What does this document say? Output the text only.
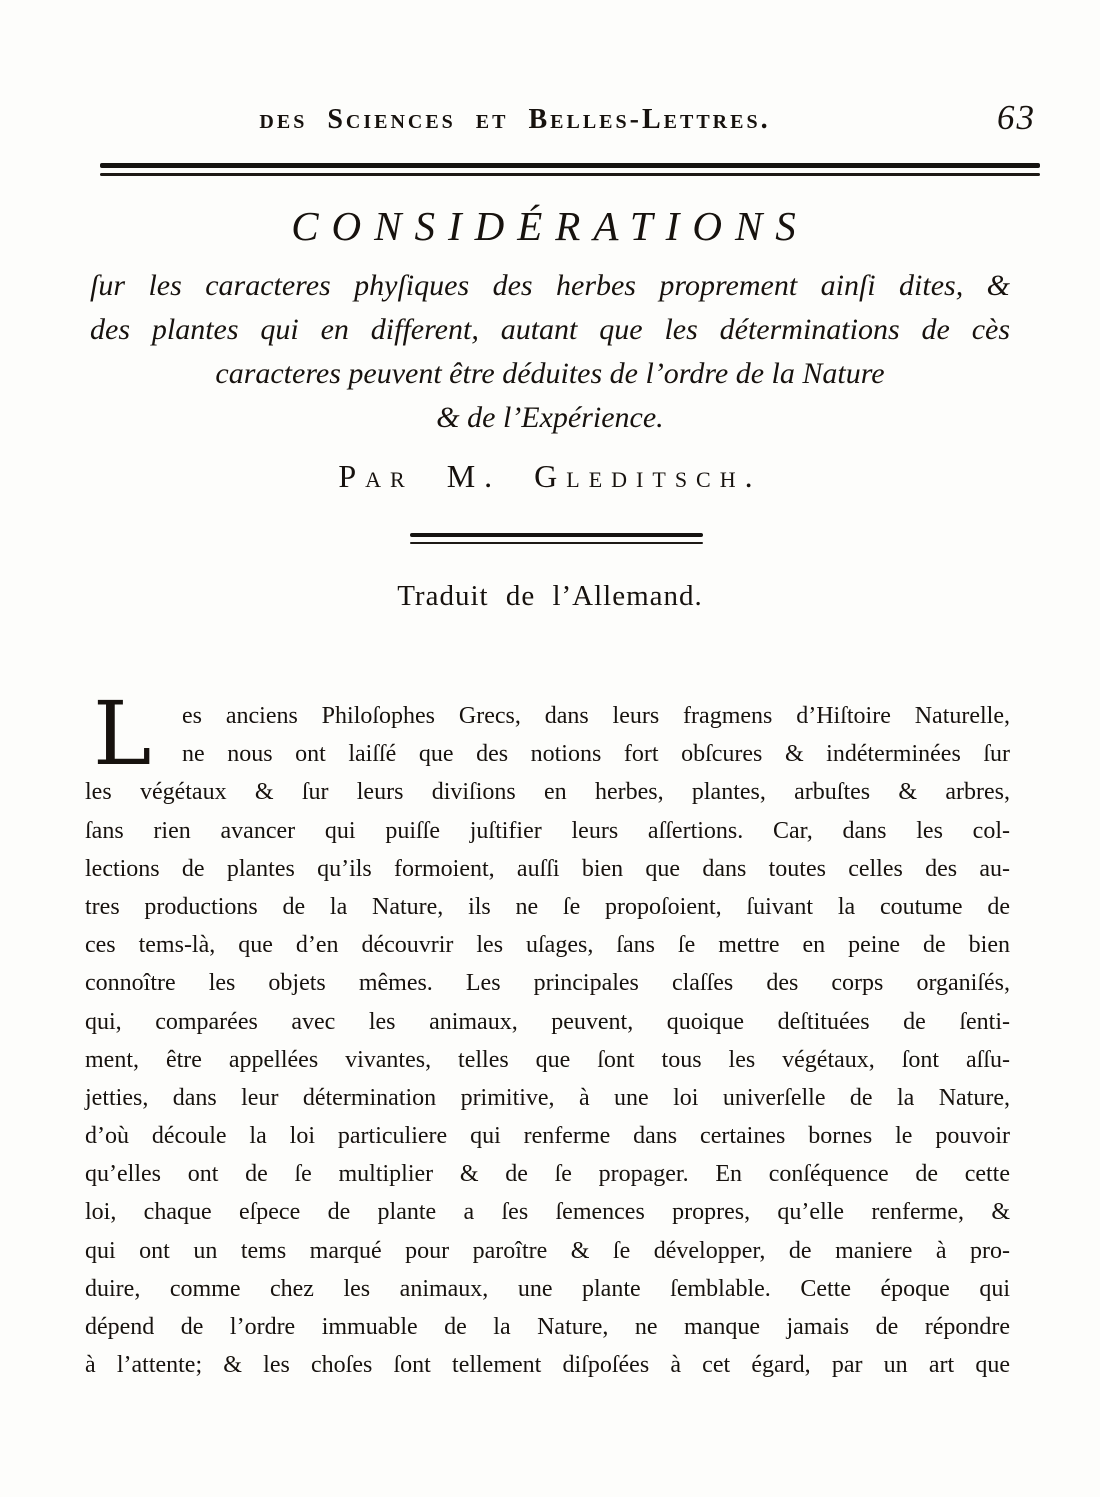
des Sciences et Belles-Lettres.	63
CONSIDÉRATIONS
ſur les caracteres phyſiques des herbes proprement ainſi dites, &
des plantes qui en different, autant que les déterminations de cès
caracteres peuvent être déduites de l’ordre de la Nature
& de l’Expérience.
Par M. Gleditsch.
Traduit de l’Allemand.
L	es anciens Philoſophes Grecs, dans leurs fragmens d’Hiſtoire Naturelle,
ne nous ont laiſſé que des notions fort obſcures & indéterminées ſur
les végétaux & ſur leurs diviſions en herbes, plantes, arbuſtes & arbres,
ſans rien avancer qui puiſſe juſtifier leurs aſſertions. Car, dans les col-
lections de plantes qu’ils formoient, auſſi bien que dans toutes celles des au-
tres productions de la Nature, ils ne ſe propoſoient, ſuivant la coutume de
ces tems-là, que d’en découvrir les uſages, ſans ſe mettre en peine de bien
connoître les objets mêmes. Les principales claſſes des corps organiſés,
qui, comparées avec les animaux, peuvent, quoique deſtituées de ſenti-
ment, être appellées vivantes, telles que ſont tous les végétaux, ſont aſſu-
jetties, dans leur détermination primitive, à une loi univerſelle de la Nature,
d’où découle la loi particuliere qui renferme dans certaines bornes le pouvoir
qu’elles ont de ſe multiplier & de ſe propager. En conſéquence de cette
loi, chaque eſpece de plante a ſes ſemences propres, qu’elle renferme, &
qui ont un tems marqué pour paroître & ſe développer, de maniere à pro-
duire, comme chez les animaux, une plante ſemblable. Cette époque qui
dépend de l’ordre immuable de la Nature, ne manque jamais de répondre
à l’attente; & les choſes ſont tellement diſpoſées à cet égard, par un art que
